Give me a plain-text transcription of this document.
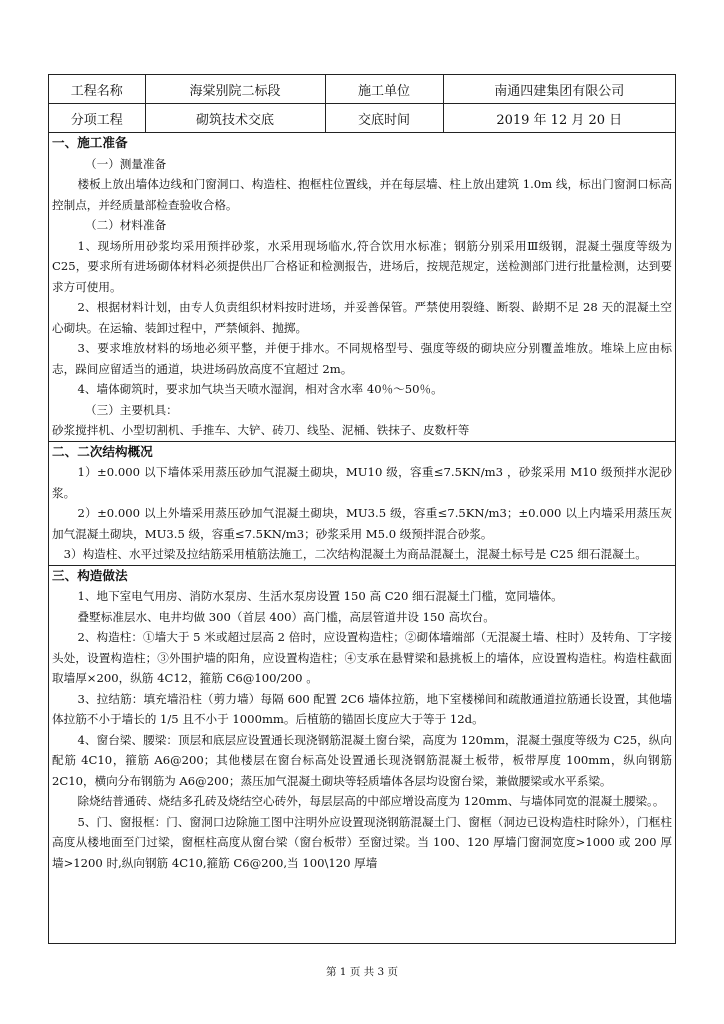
工程名称	海棠别院二标段	施工单位	南通四建集团有限公司
分项工程	砌筑技术交底	交底时间	2019 年 12 月 20 日
一、施工准备
（一）测量准备
楼板上放出墙体边线和门窗洞口、构造柱、抱框柱位置线，并在每层墙、柱上放出建筑 1.0m 线，标出门窗洞口标高控制点，并经质量部检查验收合格。
（二）材料准备
1、现场所用砂浆均采用预拌砂浆，水采用现场临水,符合饮用水标准；钢筋分别采用Ⅲ级钢，混凝土强度等级为 C25，要求所有进场砌体材料必须提供出厂合格证和检测报告，进场后，按规范规定，送检测部门进行批量检测，达到要求方可使用。
2、根据材料计划，由专人负责组织材料按时进场，并妥善保管。严禁使用裂缝、断裂、龄期不足 28 天的混凝土空心砌块。在运输、装卸过程中，严禁倾斜、抛掷。
3、要求堆放材料的场地必须平整，并便于排水。不同规格型号、强度等级的砌块应分别覆盖堆放。堆垛上应由标志，跺间应留适当的通道，块进场码放高度不宜超过 2m。
4、墙体砌筑时，要求加气块当天喷水湿润，相对含水率 40％～50％。
（三）主要机具：
砂浆搅拌机、小型切割机、手推车、大铲、砖刀、线坠、泥桶、铁抹子、皮数杆等
二、二次结构概况
1）±0.000 以下墙体采用蒸压砂加气混凝土砌块，MU10 级，容重≤7.5KN/m3 ，砂浆采用 M10 级预拌水泥砂浆。
2）±0.000 以上外墙采用蒸压砂加气混凝土砌块，MU3.5 级，容重≤7.5KN/m3；±0.000 以上内墙采用蒸压灰加气混凝土砌块，MU3.5 级，容重≤7.5KN/m3；砂浆采用 M5.0 级预拌混合砂浆。
3）构造柱、水平过梁及拉结筋采用植筋法施工，二次结构混凝土为商品混凝土，混凝土标号是 C25 细石混凝土。
三、构造做法
1、地下室电气用房、消防水泵房、生活水泵房设置 150 高 C20 细石混凝土门槛，宽同墙体。
叠墅标准层水、电井均做 300（首层 400）高门槛，高层管道井设 150 高坎台。
2、构造柱：①墙大于 5 米或超过层高 2 倍时，应设置构造柱；②砌体墙端部（无混凝土墙、柱时）及转角、丁字接头处，设置构造柱；③外围护墙的阳角，应设置构造柱；④支承在悬臂梁和悬挑板上的墙体，应设置构造柱。构造柱截面取墙厚×200，纵筋 4C12，箍筋 C6@100/200 。
3、拉结筋：填充墙沿柱（剪力墙）每隔 600 配置 2C6 墙体拉筋，地下室楼梯间和疏散通道拉筋通长设置，其他墙体拉筋不小于墙长的 1/5 且不小于 1000mm。后植筋的锚固长度应大于等于 12d。
4、窗台梁、腰梁：顶层和底层应设置通长现浇钢筋混凝土窗台梁，高度为 120mm，混凝土强度等级为 C25，纵向配筋 4C10，箍筋 A6@200；其他楼层在窗台标高处设置通长现浇钢筋混凝土板带，板带厚度 100mm，纵向钢筋 2C10，横向分布钢筋为 A6@200；蒸压加气混凝土砌块等轻质墙体各层均设窗台梁，兼做腰梁或水平系梁。
除烧结普通砖、烧结多孔砖及烧结空心砖外，每层层高的中部应增设高度为 120mm、与墙体同宽的混凝土腰梁。。
5、门、窗报框：门、窗洞口边除施工图中注明外应设置现浇钢筋混凝土门、窗框（洞边已设构造柱时除外），门框柱高度从楼地面至门过梁，窗框柱高度从窗台梁（窗台板带）至窗过梁。当 100、120 厚墙门窗洞宽度>1000 或 200 厚墙>1200 时,纵向钢筋 4C10,箍筋 C6@200,当 100\120 厚墙
第 1 页 共 3 页
